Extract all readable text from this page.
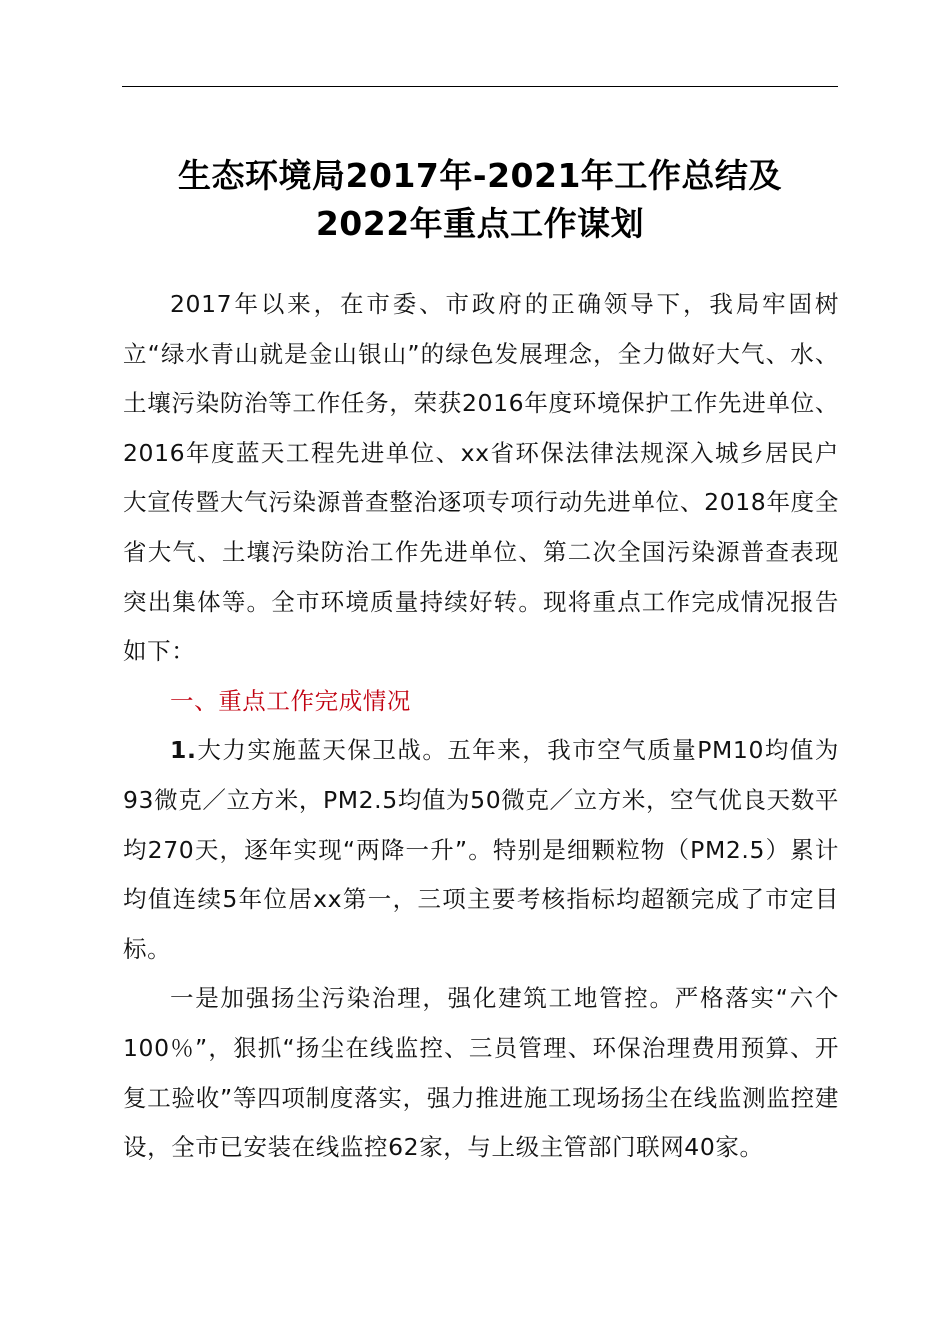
生态环境局2017年-2021年工作总结及
2022年重点工作谋划

2017年以来，在市委、市政府的正确领导下，我局牢固树立“绿水青山就是金山银山”的绿色发展理念，全力做好大气、水、土壤污染防治等工作任务，荣获2016年度环境保护工作先进单位、2016年度蓝天工程先进单位、xx省环保法律法规深入城乡居民户大宣传暨大气污染源普查整治逐项专项行动先进单位、2018年度全省大气、土壤污染防治工作先进单位、第二次全国污染源普查表现突出集体等。全市环境质量持续好转。现将重点工作完成情况报告如下：

一、重点工作完成情况

1.大力实施蓝天保卫战。五年来，我市空气质量PM10均值为93微克／立方米，PM2.5均值为50微克／立方米，空气优良天数平均270天，逐年实现“两降一升”。特别是细颗粒物（PM2.5）累计均值连续5年位居xx第一，三项主要考核指标均超额完成了市定目标。

一是加强扬尘污染治理，强化建筑工地管控。严格落实“六个100％”，狠抓“扬尘在线监控、三员管理、环保治理费用预算、开复工验收”等四项制度落实，强力推进施工现场扬尘在线监测监控建设，全市已安装在线监控62家，与上级主管部门联网40家。
